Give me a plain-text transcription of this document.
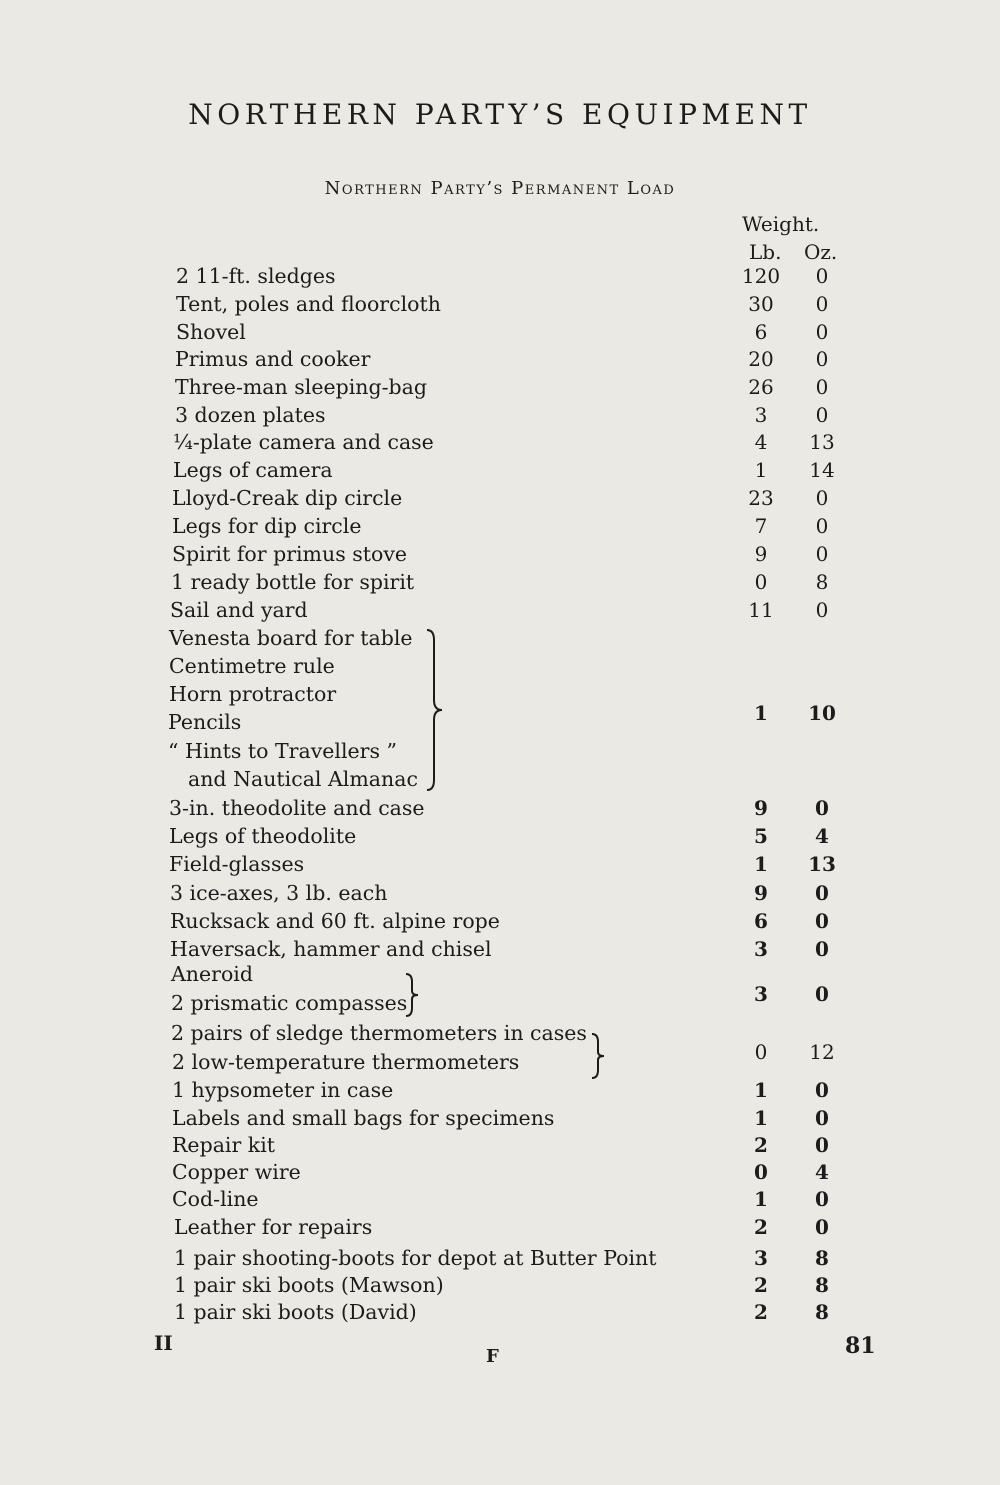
NORTHERN PARTY’S EQUIPMENT
Northern Party’s Permanent Load
Weight.
Lb. Oz.
2 11-ft. sledges	120	0
Tent, poles and floorcloth	30	0
Shovel	6	0
Primus and cooker	20	0
Three-man sleeping-bag	26	0
3 dozen plates	3	0
¼-plate camera and case	4	13
Legs of camera	1	14
Lloyd-Creak dip circle	23	0
Legs for dip circle	7	0
Spirit for primus stove	9	0
1 ready bottle for spirit	0	8
Sail and yard	11	0
Venesta board for table
Centimetre rule
Horn protractor
Pencils
“ Hints to Travellers ”
and Nautical Almanac
1	10
3-in. theodolite and case	9	0
Legs of theodolite	5	4
Field-glasses	1	13
3 ice-axes, 3 lb. each	9	0
Rucksack and 60 ft. alpine rope	6	0
Haversack, hammer and chisel	3	0
Aneroid
2 prismatic compasses	3	0
2 pairs of sledge thermometers in cases
2 low-temperature thermometers	0	12
1 hypsometer in case	1	0
Labels and small bags for specimens	1	0
Repair kit	2	0
Copper wire	0	4
Cod-line	1	0
Leather for repairs	2	0
1 pair shooting-boots for depot at Butter Point	3	8
1 pair ski boots (Mawson)	2	8
1 pair ski boots (David)	2	8
II
F	81
